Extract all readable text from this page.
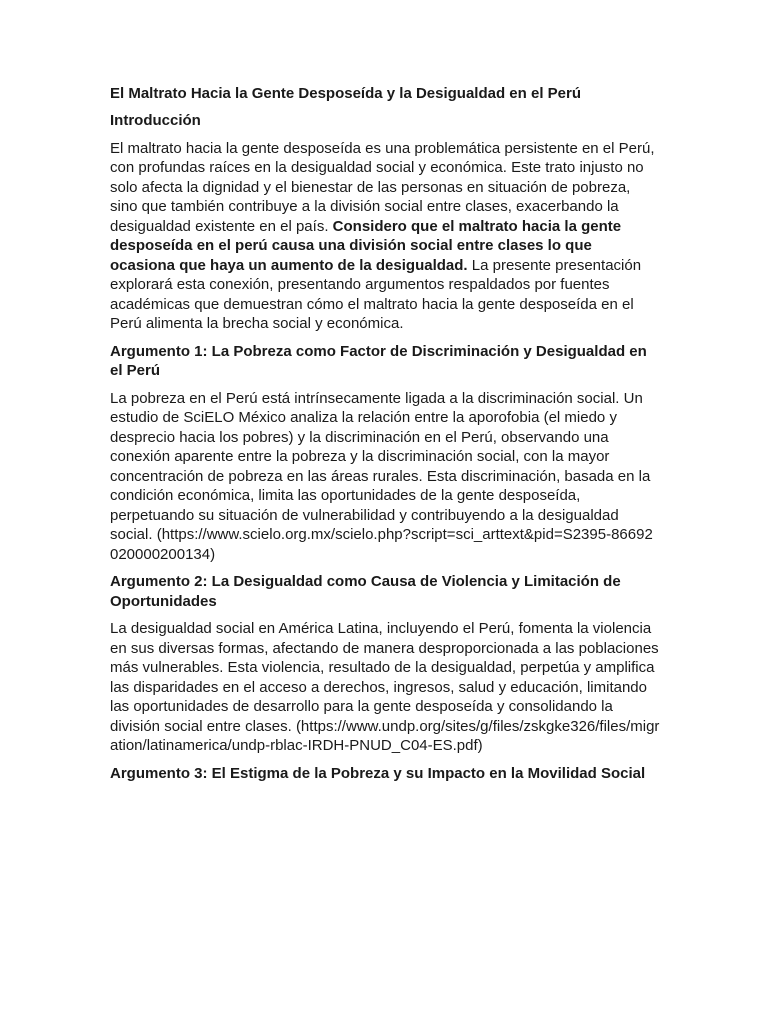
El Maltrato Hacia la Gente Desposeída y la Desigualdad en el Perú
Introducción

El maltrato hacia la gente desposeída es una problemática persistente en el Perú, con profundas raíces en la desigualdad social y económica. Este trato injusto no solo afecta la dignidad y el bienestar de las personas en situación de pobreza, sino que también contribuye a la división social entre clases, exacerbando la desigualdad existente en el país. Considero que el maltrato hacia la gente desposeída en el perú causa una división social entre clases lo que ocasiona que haya un aumento de la desigualdad. La presente presentación explorará esta conexión, presentando argumentos respaldados por fuentes académicas que demuestran cómo el maltrato hacia la gente desposeída en el Perú alimenta la brecha social y económica.

Argumento 1: La Pobreza como Factor de Discriminación y Desigualdad en el Perú

La pobreza en el Perú está intrínsecamente ligada a la discriminación social. Un estudio de SciELO México analiza la relación entre la aporofobia (el miedo y desprecio hacia los pobres) y la discriminación en el Perú, observando una conexión aparente entre la pobreza y la discriminación social, con la mayor concentración de pobreza en las áreas rurales. Esta discriminación, basada en la condición económica, limita las oportunidades de la gente desposeída, perpetuando su situación de vulnerabilidad y contribuyendo a la desigualdad social. (https://www.scielo.org.mx/scielo.php?script=sci_arttext&pid=S2395-86692020000200134)

Argumento 2: La Desigualdad como Causa de Violencia y Limitación de Oportunidades

La desigualdad social en América Latina, incluyendo el Perú, fomenta la violencia en sus diversas formas, afectando de manera desproporcionada a las poblaciones más vulnerables. Esta violencia, resultado de la desigualdad, perpetúa y amplifica las disparidades en el acceso a derechos, ingresos, salud y educación, limitando las oportunidades de desarrollo para la gente desposeída y consolidando la división social entre clases. (https://www.undp.org/sites/g/files/zskgke326/files/migration/latinamerica/undp-rblac-IRDH-PNUD_C04-ES.pdf)

Argumento 3: El Estigma de la Pobreza y su Impacto en la Movilidad Social
